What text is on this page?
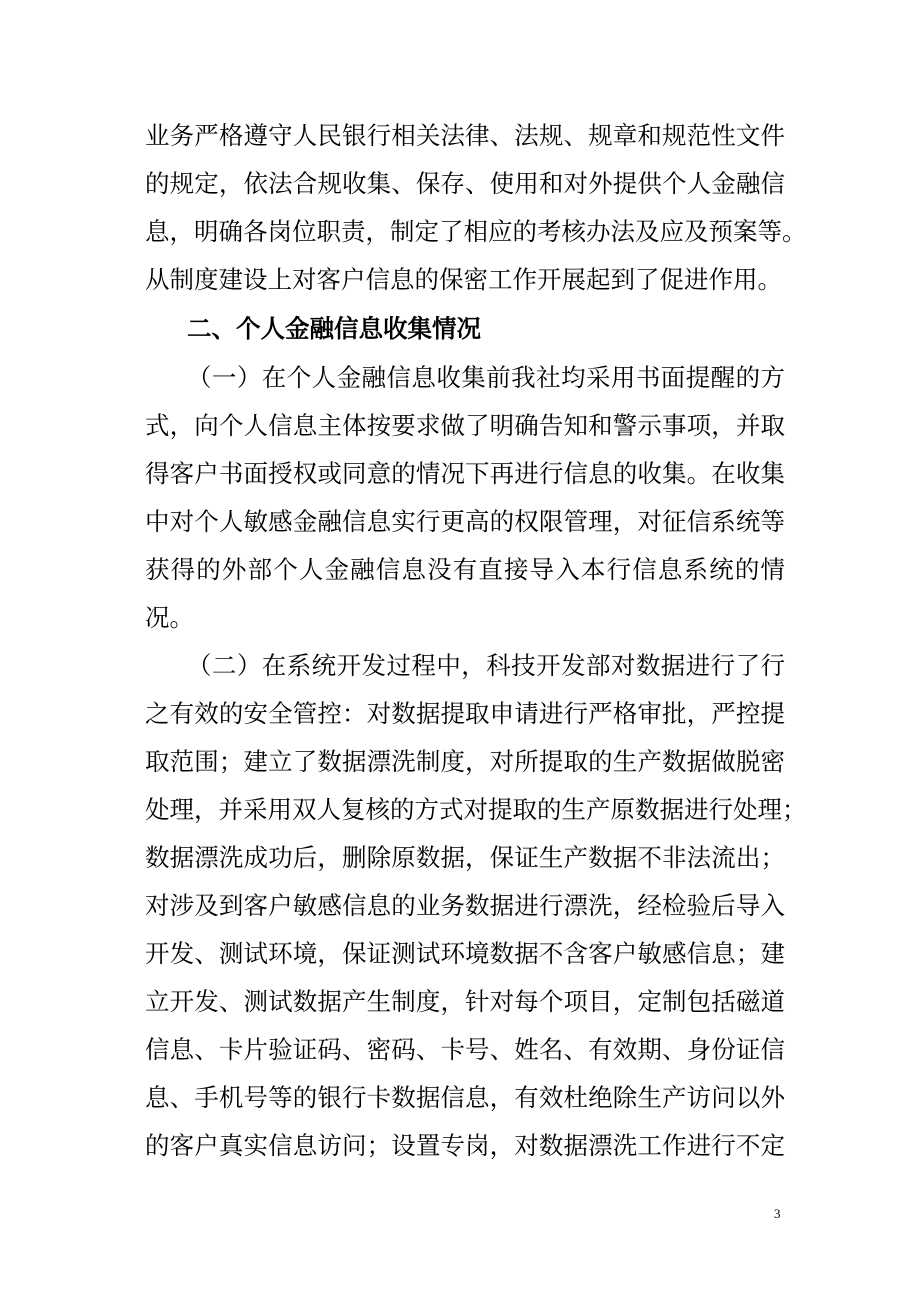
业务严格遵守人民银行相关法律、法规、规章和规范性文件
的规定，依法合规收集、保存、使用和对外提供个人金融信
息，明确各岗位职责，制定了相应的考核办法及应及预案等。
从制度建设上对客户信息的保密工作开展起到了促进作用。
二、个人金融信息收集情况
（一）在个人金融信息收集前我社均采用书面提醒的方
式，向个人信息主体按要求做了明确告知和警示事项，并取
得客户书面授权或同意的情况下再进行信息的收集。在收集
中对个人敏感金融信息实行更高的权限管理，对征信系统等
获得的外部个人金融信息没有直接导入本行信息系统的情
况。
（二）在系统开发过程中，科技开发部对数据进行了行
之有效的安全管控：对数据提取申请进行严格审批，严控提
取范围；建立了数据漂洗制度，对所提取的生产数据做脱密
处理，并采用双人复核的方式对提取的生产原数据进行处理；
数据漂洗成功后，删除原数据，保证生产数据不非法流出；
对涉及到客户敏感信息的业务数据进行漂洗，经检验后导入
开发、测试环境，保证测试环境数据不含客户敏感信息；建
立开发、测试数据产生制度，针对每个项目，定制包括磁道
信息、卡片验证码、密码、卡号、姓名、有效期、身份证信
息、手机号等的银行卡数据信息，有效杜绝除生产访问以外
的客户真实信息访问；设置专岗，对数据漂洗工作进行不定
3
